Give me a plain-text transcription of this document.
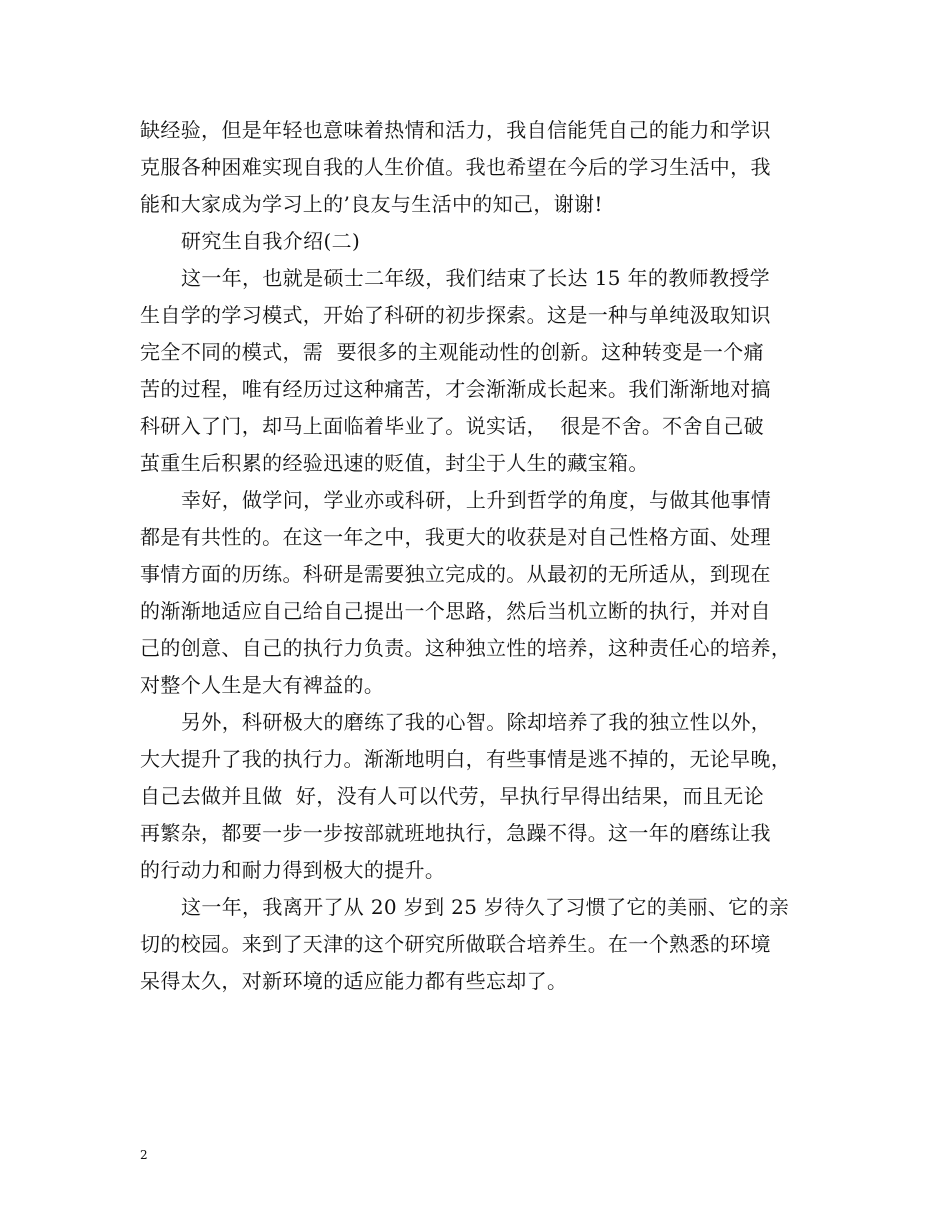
缺经验，但是年轻也意味着热情和活力，我自信能凭自己的能力和学识
克服各种困难实现自我的人生价值。我也希望在今后的学习生活中，我
能和大家成为学习上的’良友与生活中的知己，谢谢!
研究生自我介绍(二)
这一年，也就是硕士二年级，我们结束了长达 15 年的教师教授学
生自学的学习模式，开始了科研的初步探索。这是一种与单纯汲取知识
完全不同的模式，需  要很多的主观能动性的创新。这种转变是一个痛
苦的过程，唯有经历过这种痛苦，才会渐渐成长起来。我们渐渐地对搞
科研入了门，却马上面临着毕业了。说实话，  很是不舍。不舍自己破
茧重生后积累的经验迅速的贬值，封尘于人生的藏宝箱。
幸好，做学问，学业亦或科研，上升到哲学的角度，与做其他事情
都是有共性的。在这一年之中，我更大的收获是对自己性格方面、处理
事情方面的历练。科研是需要独立完成的。从最初的无所适从，到现在
的渐渐地适应自己给自己提出一个思路，然后当机立断的执行，并对自
己的创意、自己的执行力负责。这种独立性的培养，这种责任心的培养，
对整个人生是大有裨益的。
另外，科研极大的磨练了我的心智。除却培养了我的独立性以外，
大大提升了我的执行力。渐渐地明白，有些事情是逃不掉的，无论早晚，
自己去做并且做  好，没有人可以代劳，早执行早得出结果，而且无论
再繁杂，都要一步一步按部就班地执行，急躁不得。这一年的磨练让我
的行动力和耐力得到极大的提升。
这一年，我离开了从 20 岁到 25 岁待久了习惯了它的美丽、它的亲
切的校园。来到了天津的这个研究所做联合培养生。在一个熟悉的环境
呆得太久，对新环境的适应能力都有些忘却了。
2
